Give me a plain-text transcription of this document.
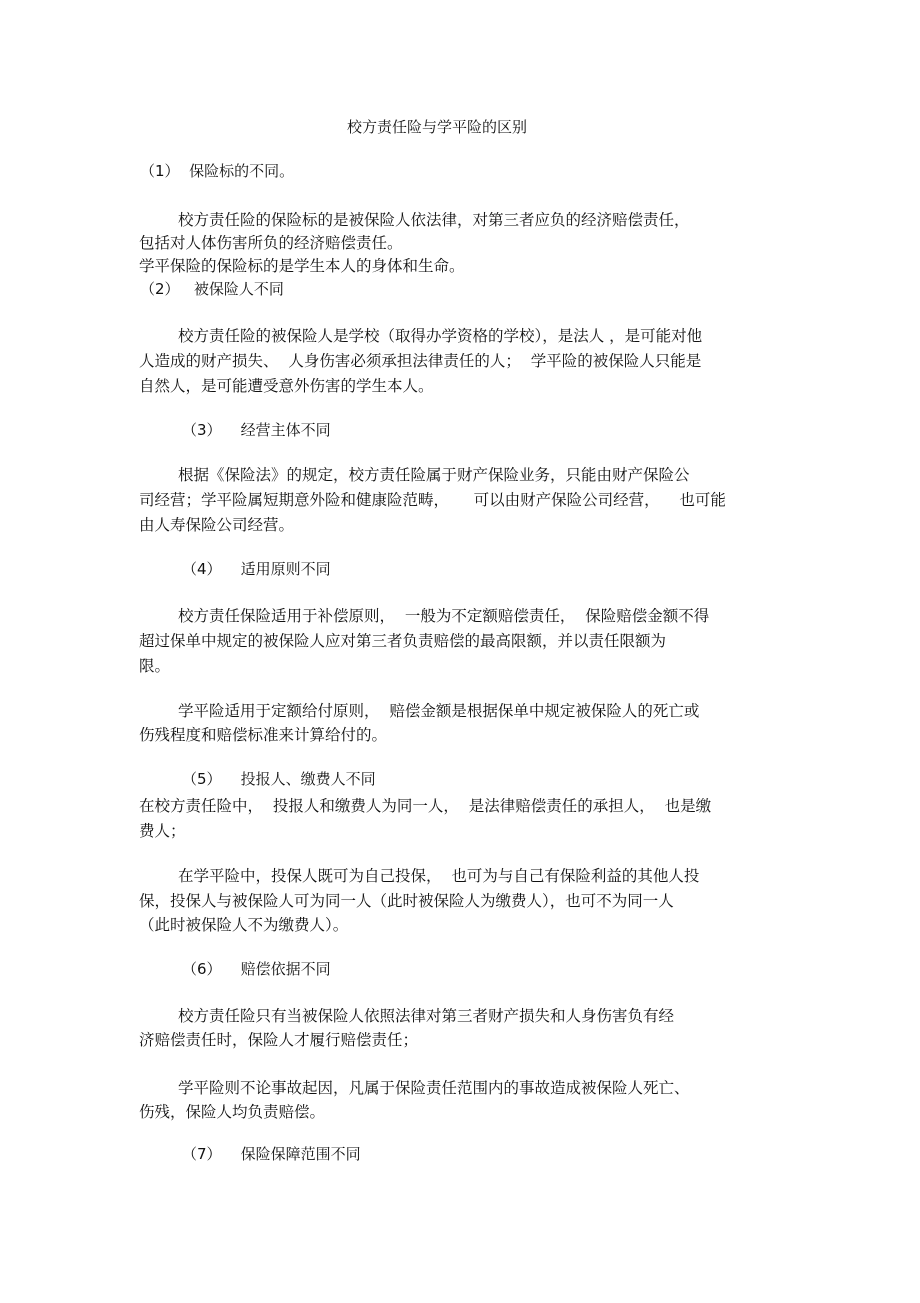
校方责任险与学平险的区别
（1）  保险标的不同。
校方责任险的保险标的是被保险人依法律，对第三者应负的经济赔偿责任，
包括对人体伤害所负的经济赔偿责任。
学平保险的保险标的是学生本人的身体和生命。
（2）   被保险人不同
校方责任险的被保险人是学校（取得办学资格的学校），是法人 ，是可能对他
人造成的财产损失、  人身伤害必须承担法律责任的人；  学平险的被保险人只能是
自然人，是可能遭受意外伤害的学生本人。
（3）    经营主体不同
根据《保险法》的规定，校方责任险属于财产保险业务，只能由财产保险公
司经营；学平险属短期意外险和健康险范畴，     可以由财产保险公司经营，    也可能
由人寿保险公司经营。
（4）    适用原则不同
校方责任保险适用于补偿原则，  一般为不定额赔偿责任，  保险赔偿金额不得
超过保单中规定的被保险人应对第三者负责赔偿的最高限额，并以责任限额为
限。
学平险适用于定额给付原则，  赔偿金额是根据保单中规定被保险人的死亡或
伤残程度和赔偿标准来计算给付的。
（5）    投报人、缴费人不同
在校方责任险中，  投报人和缴费人为同一人，  是法律赔偿责任的承担人，  也是缴
费人；
在学平险中，投保人既可为自己投保，  也可为与自己有保险利益的其他人投
保，投保人与被保险人可为同一人（此时被保险人为缴费人），也可不为同一人
（此时被保险人不为缴费人）。
（6）    赔偿依据不同
校方责任险只有当被保险人依照法律对第三者财产损失和人身伤害负有经
济赔偿责任时，保险人才履行赔偿责任；
学平险则不论事故起因，凡属于保险责任范围内的事故造成被保险人死亡、
伤残，保险人均负责赔偿。
（7）    保险保障范围不同
